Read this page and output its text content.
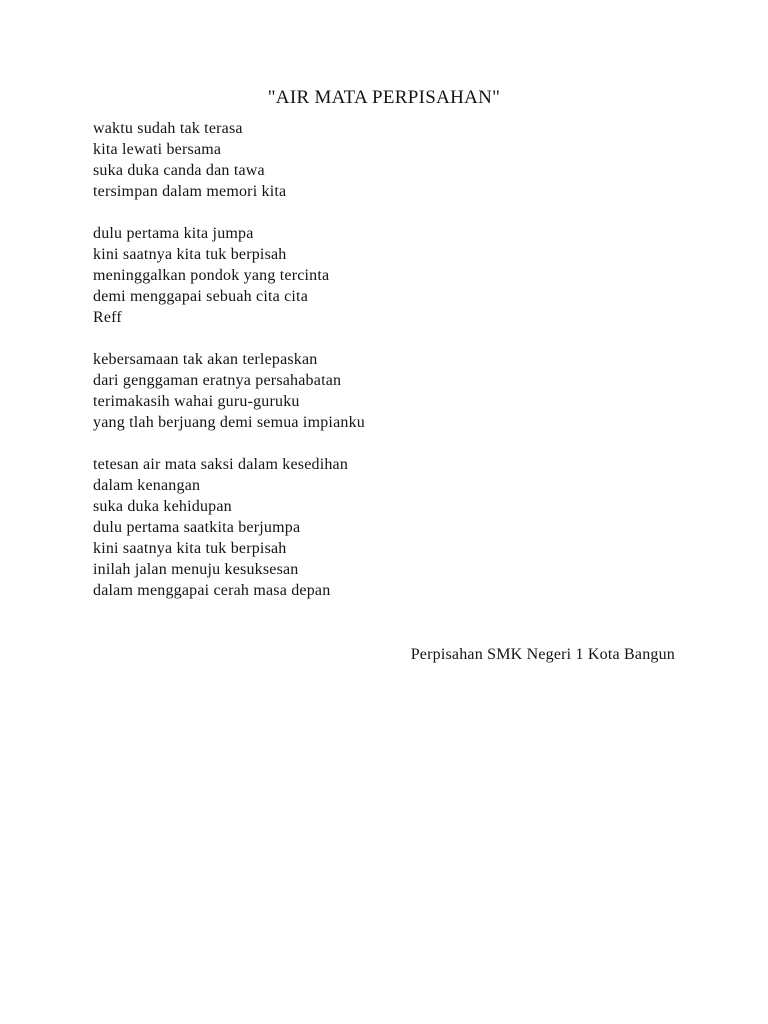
"AIR MATA PERPISAHAN"
waktu sudah tak terasa
kita lewati bersama
suka duka canda dan tawa
tersimpan dalam memori kita
dulu pertama kita jumpa
kini saatnya kita tuk berpisah
meninggalkan pondok yang tercinta
demi menggapai sebuah cita cita
Reff
kebersamaan tak akan terlepaskan
dari genggaman eratnya persahabatan
terimakasih wahai guru-guruku
yang tlah berjuang demi semua impianku
tetesan air mata saksi dalam kesedihan
dalam kenangan
suka duka kehidupan
dulu pertama saatkita berjumpa
kini saatnya kita tuk berpisah
inilah jalan menuju kesuksesan
dalam menggapai cerah masa depan
Perpisahan SMK Negeri 1 Kota Bangun
